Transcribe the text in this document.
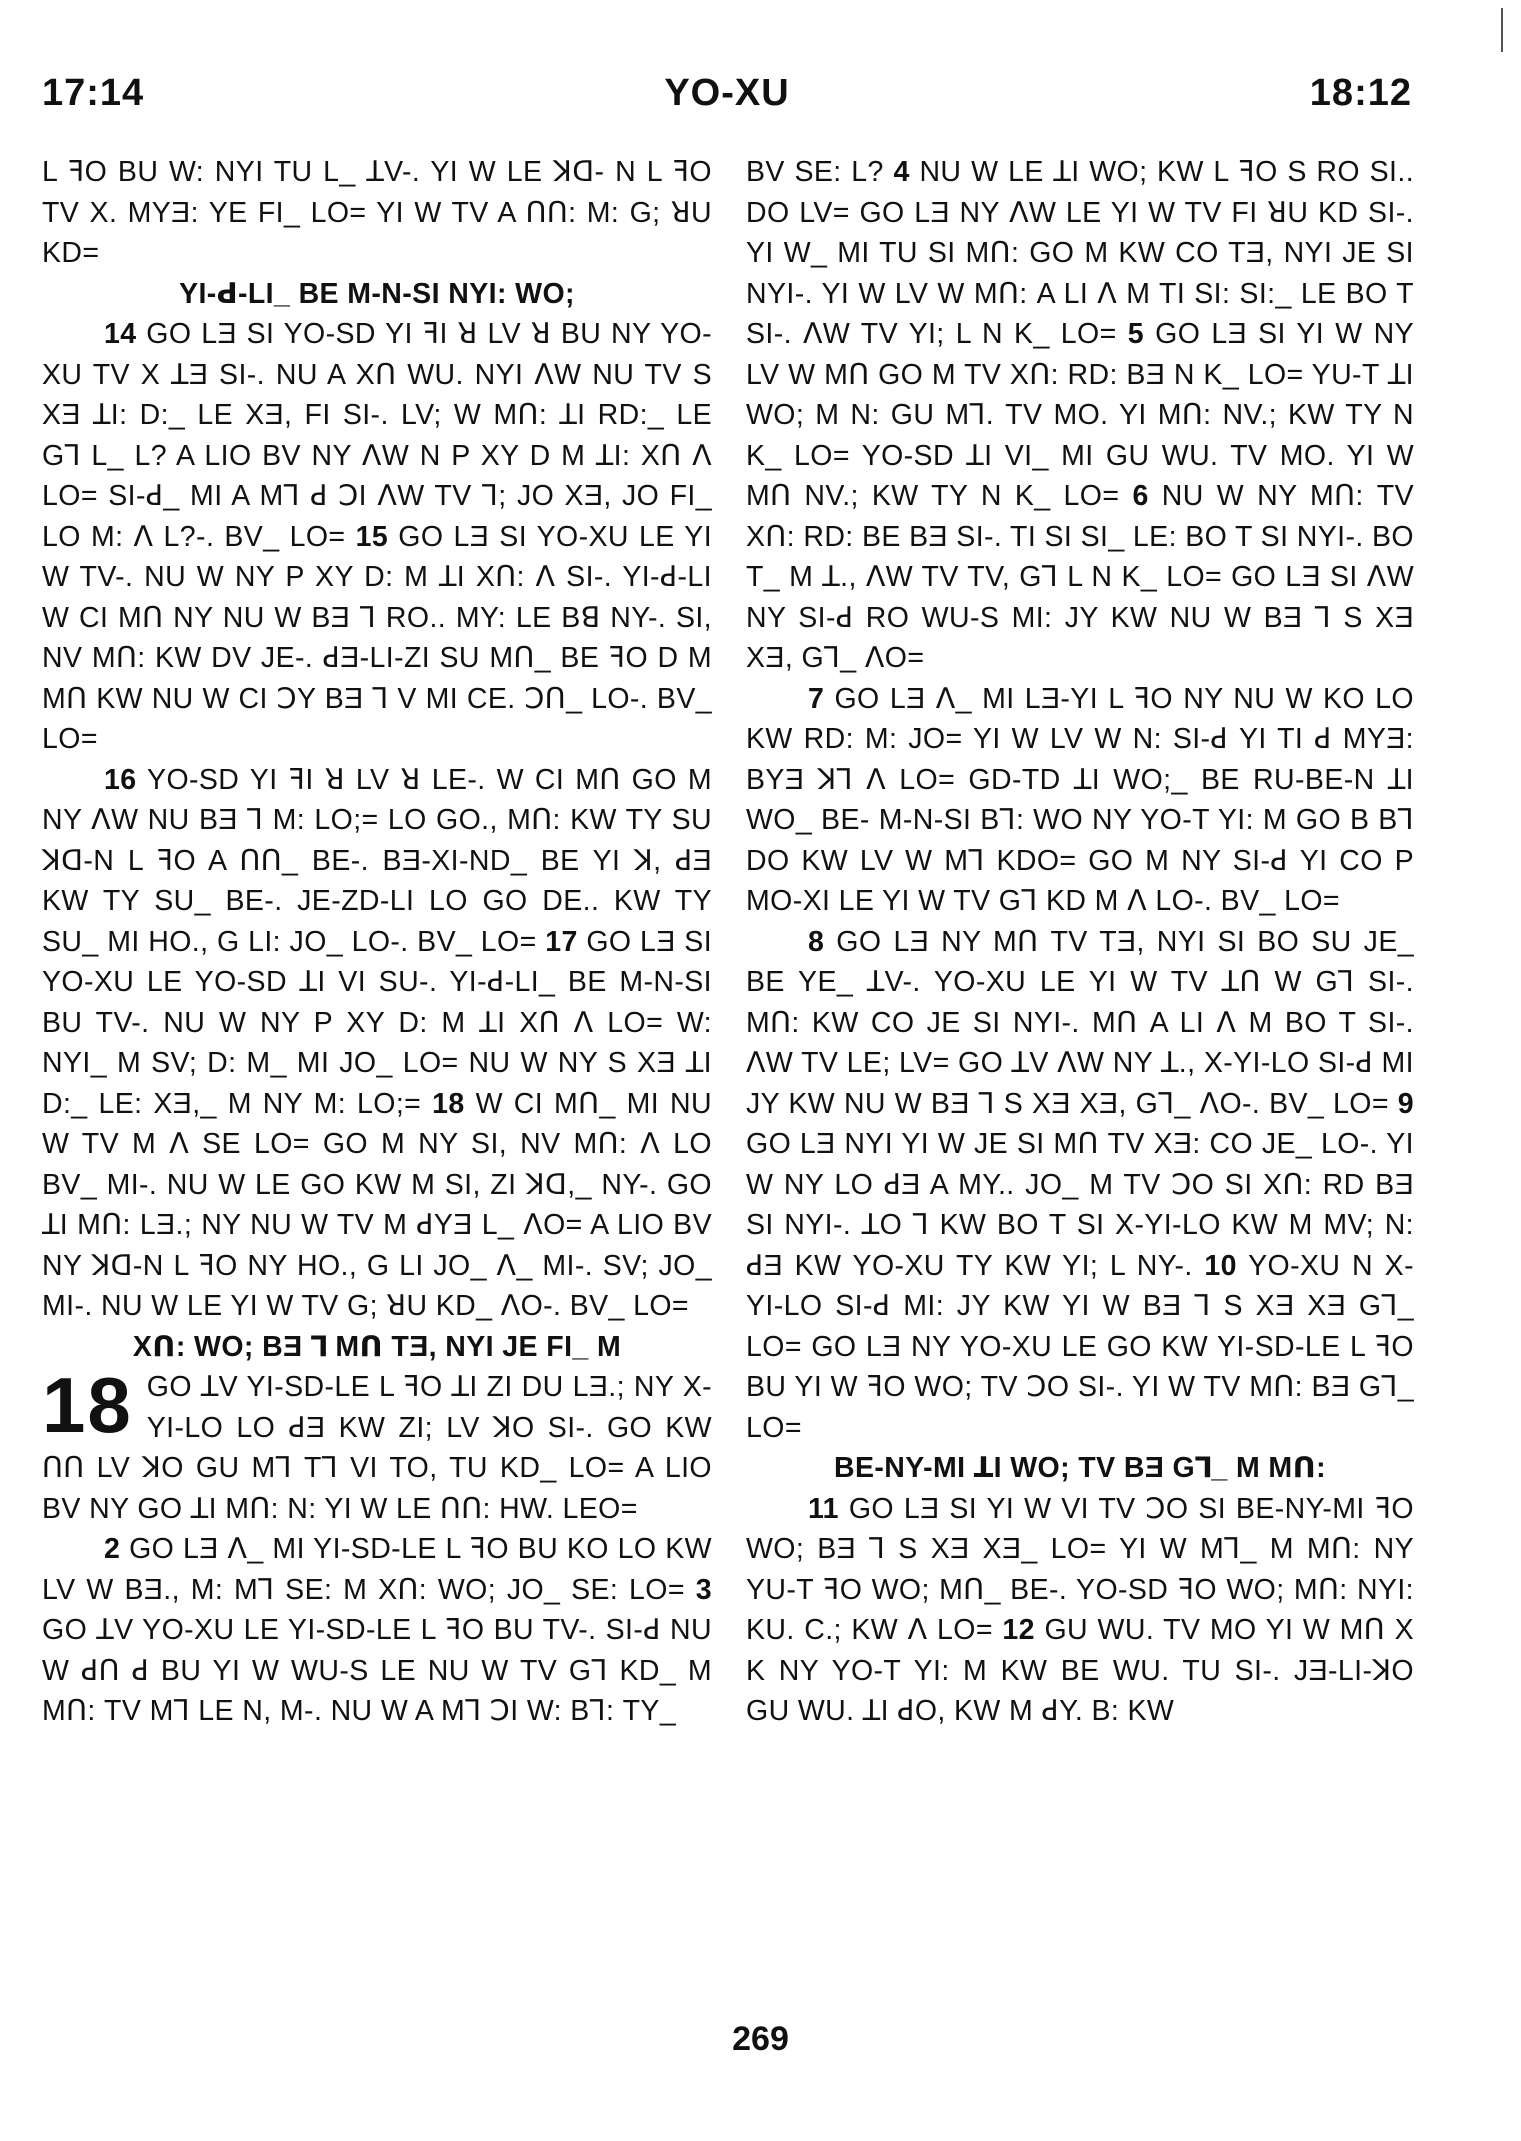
17:14	YO-XU	18:12

L ꟻO BU W: NYI TU L_ ꓕV-. YI W LE ꓘꓷ- N L ꟻO TV X. MYƎ: YE FI_ LO= YI W TV A ꓵꓵ: M: G; ꓤU KD=

YI-ꓒ-LI_ BE M-N-SI NYI: WO;

14 GO LƎ SI YO-SD YI ꟻI ꓤ LV ꓤ BU NY YO-XU TV X ꓕƎ SI-. NU A Xꓵ WU. NYI ꓥW NU TV S XƎ ꓕI: D:_ LE XƎ, FI SI-. LV; W Mꓵ: ꓕI RD:_ LE Gꓶ L_ L? A LIO BV NY ꓥW N P XY D M ꓕI: Xꓵ ꓥ LO= SI-ꓒ_ MI A Mꓶ ꓒ ꓛI ꓥW TV ꓶ; JO XƎ, JO FI_ LO M: ꓥ L?-. BV_ LO= 15 GO LƎ SI YO-XU LE YI W TV-. NU W NY P XY D: M ꓕI Xꓵ: ꓥ SI-. YI-ꓒ-LI W CI Mꓵ NY NU W BƎ ꓶ RO.. MY: LE Bꓭ NY-. SI, NV Mꓵ: KW DV JE-. ꓒƎ-LI-ZI SU Mꓵ_ BE ꟻO D M Mꓵ KW NU W CI ꓛY BƎ ꓶ V MI CE. ꓛꓵ_ LO-. BV_ LO=

16 YO-SD YI ꟻI ꓤ LV ꓤ LE-. W CI Mꓵ GO M NY ꓥW NU BƎ ꓶ M: LO;= LO GO., Mꓵ: KW TY SU ꓘꓷ-N L ꟻO A ꓵꓵ_ BE-. BƎ-XI-ND_ BE YI ꓘ, ꓒƎ KW TY SU_ BE-. JE-ZD-LI LO GO DE.. KW TY SU_ MI HO., G LI: JO_ LO-. BV_ LO= 17 GO LƎ SI YO-XU LE YO-SD ꓕI VI SU-. YI-ꓒ-LI_ BE M-N-SI BU TV-. NU W NY P XY D: M ꓕI Xꓵ ꓥ LO= W: NYI_ M SV; D: M_ MI JO_ LO= NU W NY S XƎ ꓕI D:_ LE: XƎ,_ M NY M: LO;= 18 W CI Mꓵ_ MI NU W TV M ꓥ SE LO= GO M NY SI, NV Mꓵ: ꓥ LO BV_ MI-. NU W LE GO KW M SI, ZI ꓘꓷ,_ NY-. GO ꓕI Mꓵ: LƎ.; NY NU W TV M ꓒYƎ L_ ꓥO= A LIO BV NY ꓘꓷ-N L ꟻO NY HO., G LI JO_ ꓥ_ MI-. SV; JO_ MI-. NU W LE YI W TV G; ꓤU KD_ ꓥO-. BV_ LO=

Xꓵ: WO; BƎ ꓶ Mꓵ TƎ, NYI JE FI_ M

18 GO ꓕV YI-SD-LE L ꟻO ꓕI ZI DU LƎ.; NY X-YI-LO LO ꓒƎ KW ZI; LV ꓘO SI-. GO KW ꓵꓵ LV ꓘO GU Mꓶ Tꓶ VI TO, TU KD_ LO= A LIO BV NY GO ꓕI Mꓵ: N: YI W LE ꓵꓵ: HW. LEO=

2 GO LƎ ꓥ_ MI YI-SD-LE L ꟻO BU KO LO KW LV W BƎ., M: Mꓶ SE: M Xꓵ: WO; JO_ SE: LO= 3 GO ꓕV YO-XU LE YI-SD-LE L ꟻO BU TV-. SI-ꓒ NU W ꓒꓵ ꓒ BU YI W WU-S LE NU W TV Gꓶ KD_ M Mꓵ: TV Mꓶ LE N, M-. NU W A Mꓶ ꓛI W: Bꓶ: TY_

BV SE: L? 4 NU W LE ꓕI WO; KW L ꟻO S RO SI.. DO LV= GO LƎ NY ꓥW LE YI W TV FI ꓤU KD SI-. YI W_ MI TU SI Mꓵ: GO M KW CO TƎ, NYI JE SI NYI-. YI W LV W Mꓵ: A LI ꓥ M TI SI: SI:_ LE BO T SI-. ꓥW TV YI; L N K_ LO= 5 GO LƎ SI YI W NY LV W Mꓵ GO M TV Xꓵ: RD: BƎ N K_ LO= YU-T ꓕI WO; M N: GU Mꓶ. TV MO. YI Mꓵ: NV.; KW TY N K_ LO= YO-SD ꓕI VI_ MI GU WU. TV MO. YI W Mꓵ NV.; KW TY N K_ LO= 6 NU W NY Mꓵ: TV Xꓵ: RD: BE BƎ SI-. TI SI SI_ LE: BO T SI NYI-. BO T_ M ꓕ., ꓥW TV TV, Gꓶ L N K_ LO= GO LƎ SI ꓥW NY SI-ꓒ RO WU-S MI: JY KW NU W BƎ ꓶ S XƎ XƎ, Gꓶ_ ꓥO=

7 GO LƎ ꓥ_ MI LƎ-YI L ꟻO NY NU W KO LO KW RD: M: JO= YI W LV W N: SI-ꓒ YI TI ꓒ MYƎ: BYƎ ꓘꓶ ꓥ LO= GD-TD ꓕI WO;_ BE RU-BE-N ꓕI WO_ BE- M-N-SI Bꓶ: WO NY YO-T YI: M GO B Bꓶ DO KW LV W Mꓶ KDO= GO M NY SI-ꓒ YI CO P MO-XI LE YI W TV Gꓶ KD M ꓥ LO-. BV_ LO=

8 GO LƎ NY Mꓵ TV TƎ, NYI SI BO SU JE_ BE YE_ ꓕV-. YO-XU LE YI W TV ꓕꓵ W Gꓶ SI-. Mꓵ: KW CO JE SI NYI-. Mꓵ A LI ꓥ M BO T SI-. ꓥW TV LE; LV= GO ꓕV ꓥW NY ꓕ., X-YI-LO SI-ꓒ MI JY KW NU W BƎ ꓶ S XƎ XƎ, Gꓶ_ ꓥO-. BV_ LO= 9 GO LƎ NYI YI W JE SI Mꓵ TV XƎ: CO JE_ LO-. YI W NY LO ꓒƎ A MY.. JO_ M TV ꓛO SI Xꓵ: RD BƎ SI NYI-. ꓕO ꓶ KW BO T SI X-YI-LO KW M MV; N: ꓒƎ KW YO-XU TY KW YI; L NY-. 10 YO-XU N X-YI-LO SI-ꓒ MI: JY KW YI W BƎ ꓶ S XƎ XƎ Gꓶ_ LO= GO LƎ NY YO-XU LE GO KW YI-SD-LE L ꟻO BU YI W ꟻO WO; TV ꓛO SI-. YI W TV Mꓵ: BƎ Gꓶ_ LO=

BE-NY-MI ꓕI WO; TV BƎ Gꓶ_ M Mꓵ:

11 GO LƎ SI YI W VI TV ꓛO SI BE-NY-MI ꟻO WO; BƎ ꓶ S XƎ XƎ_ LO= YI W Mꓶ_ M Mꓵ: NY YU-T ꟻO WO; Mꓵ_ BE-. YO-SD ꟻO WO; Mꓵ: NYI: KU. C.; KW ꓥ LO= 12 GU WU. TV MO YI W Mꓵ X K NY YO-T YI: M KW BE WU. TU SI-. JƎ-LI-ꓘO GU WU. ꓕI ꓒO, KW M ꓒY. B: KW

269
